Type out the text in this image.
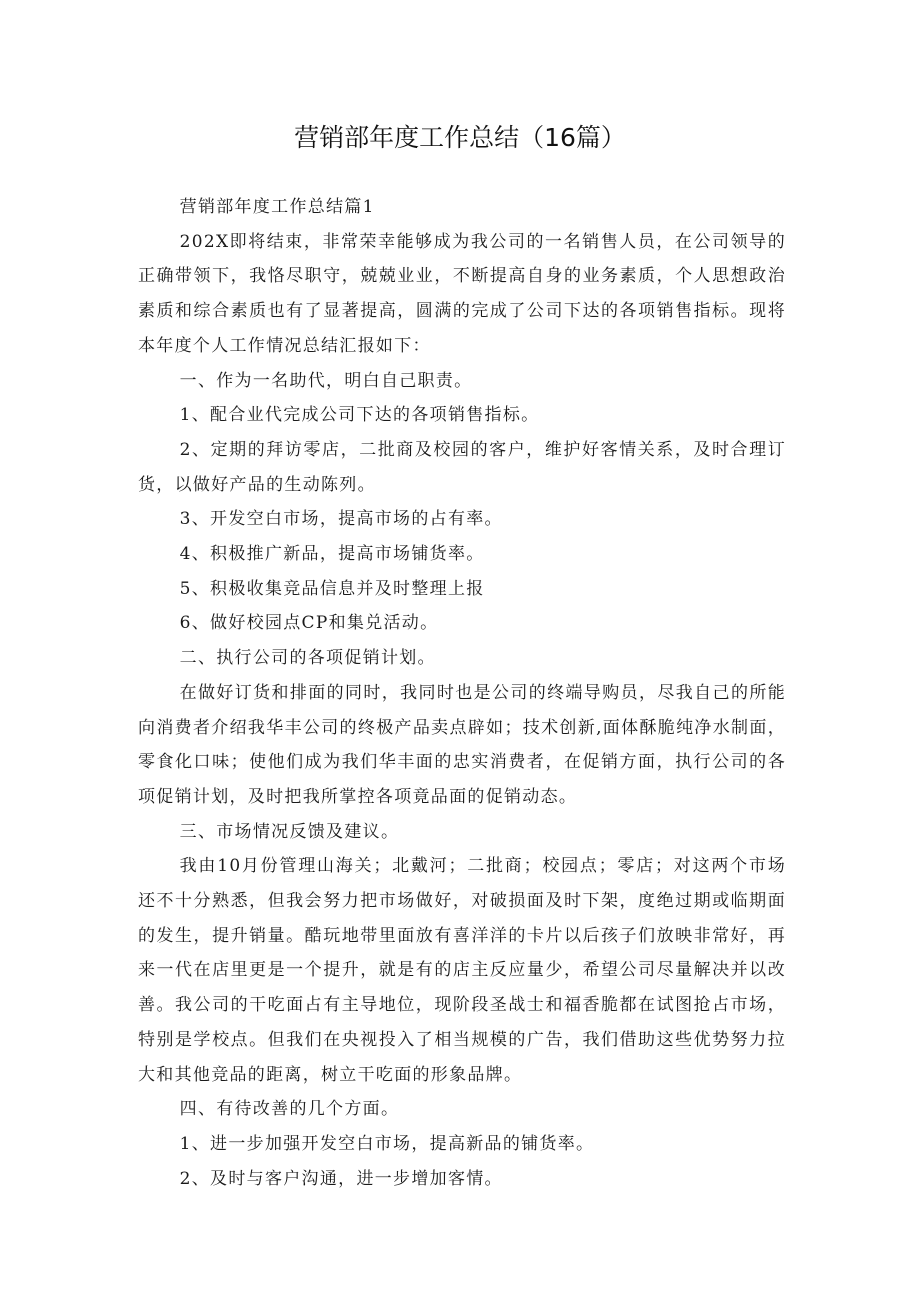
营销部年度工作总结（16篇）

营销部年度工作总结篇1

202X即将结束，非常荣幸能够成为我公司的一名销售人员，在公司领导的正确带领下，我恪尽职守，兢兢业业，不断提高自身的业务素质，个人思想政治素质和综合素质也有了显著提高，圆满的完成了公司下达的各项销售指标。现将本年度个人工作情况总结汇报如下：

一、作为一名助代，明白自己职责。

1、配合业代完成公司下达的各项销售指标。

2、定期的拜访零店，二批商及校园的客户，维护好客情关系，及时合理订货，以做好产品的生动陈列。

3、开发空白市场，提高市场的占有率。

4、积极推广新品，提高市场铺货率。

5、积极收集竞品信息并及时整理上报

6、做好校园点CP和集兑活动。

二、执行公司的各项促销计划。

在做好订货和排面的同时，我同时也是公司的终端导购员，尽我自己的所能向消费者介绍我华丰公司的终极产品卖点辟如；技术创新,面体酥脆纯净水制面，零食化口味；使他们成为我们华丰面的忠实消费者，在促销方面，执行公司的各项促销计划，及时把我所掌控各项竟品面的促销动态。

三、市场情况反馈及建议。

我由10月份管理山海关；北戴河；二批商；校园点；零店；对这两个市场还不十分熟悉，但我会努力把市场做好，对破损面及时下架，度绝过期或临期面的发生，提升销量。酷玩地带里面放有喜洋洋的卡片以后孩子们放映非常好，再来一代在店里更是一个提升，就是有的店主反应量少，希望公司尽量解决并以改善。我公司的干吃面占有主导地位，现阶段圣战士和福香脆都在试图抢占市场，特别是学校点。但我们在央视投入了相当规模的广告，我们借助这些优势努力拉大和其他竞品的距离，树立干吃面的形象品牌。

四、有待改善的几个方面。

1、进一步加强开发空白市场，提高新品的铺货率。

2、及时与客户沟通，进一步增加客情。
